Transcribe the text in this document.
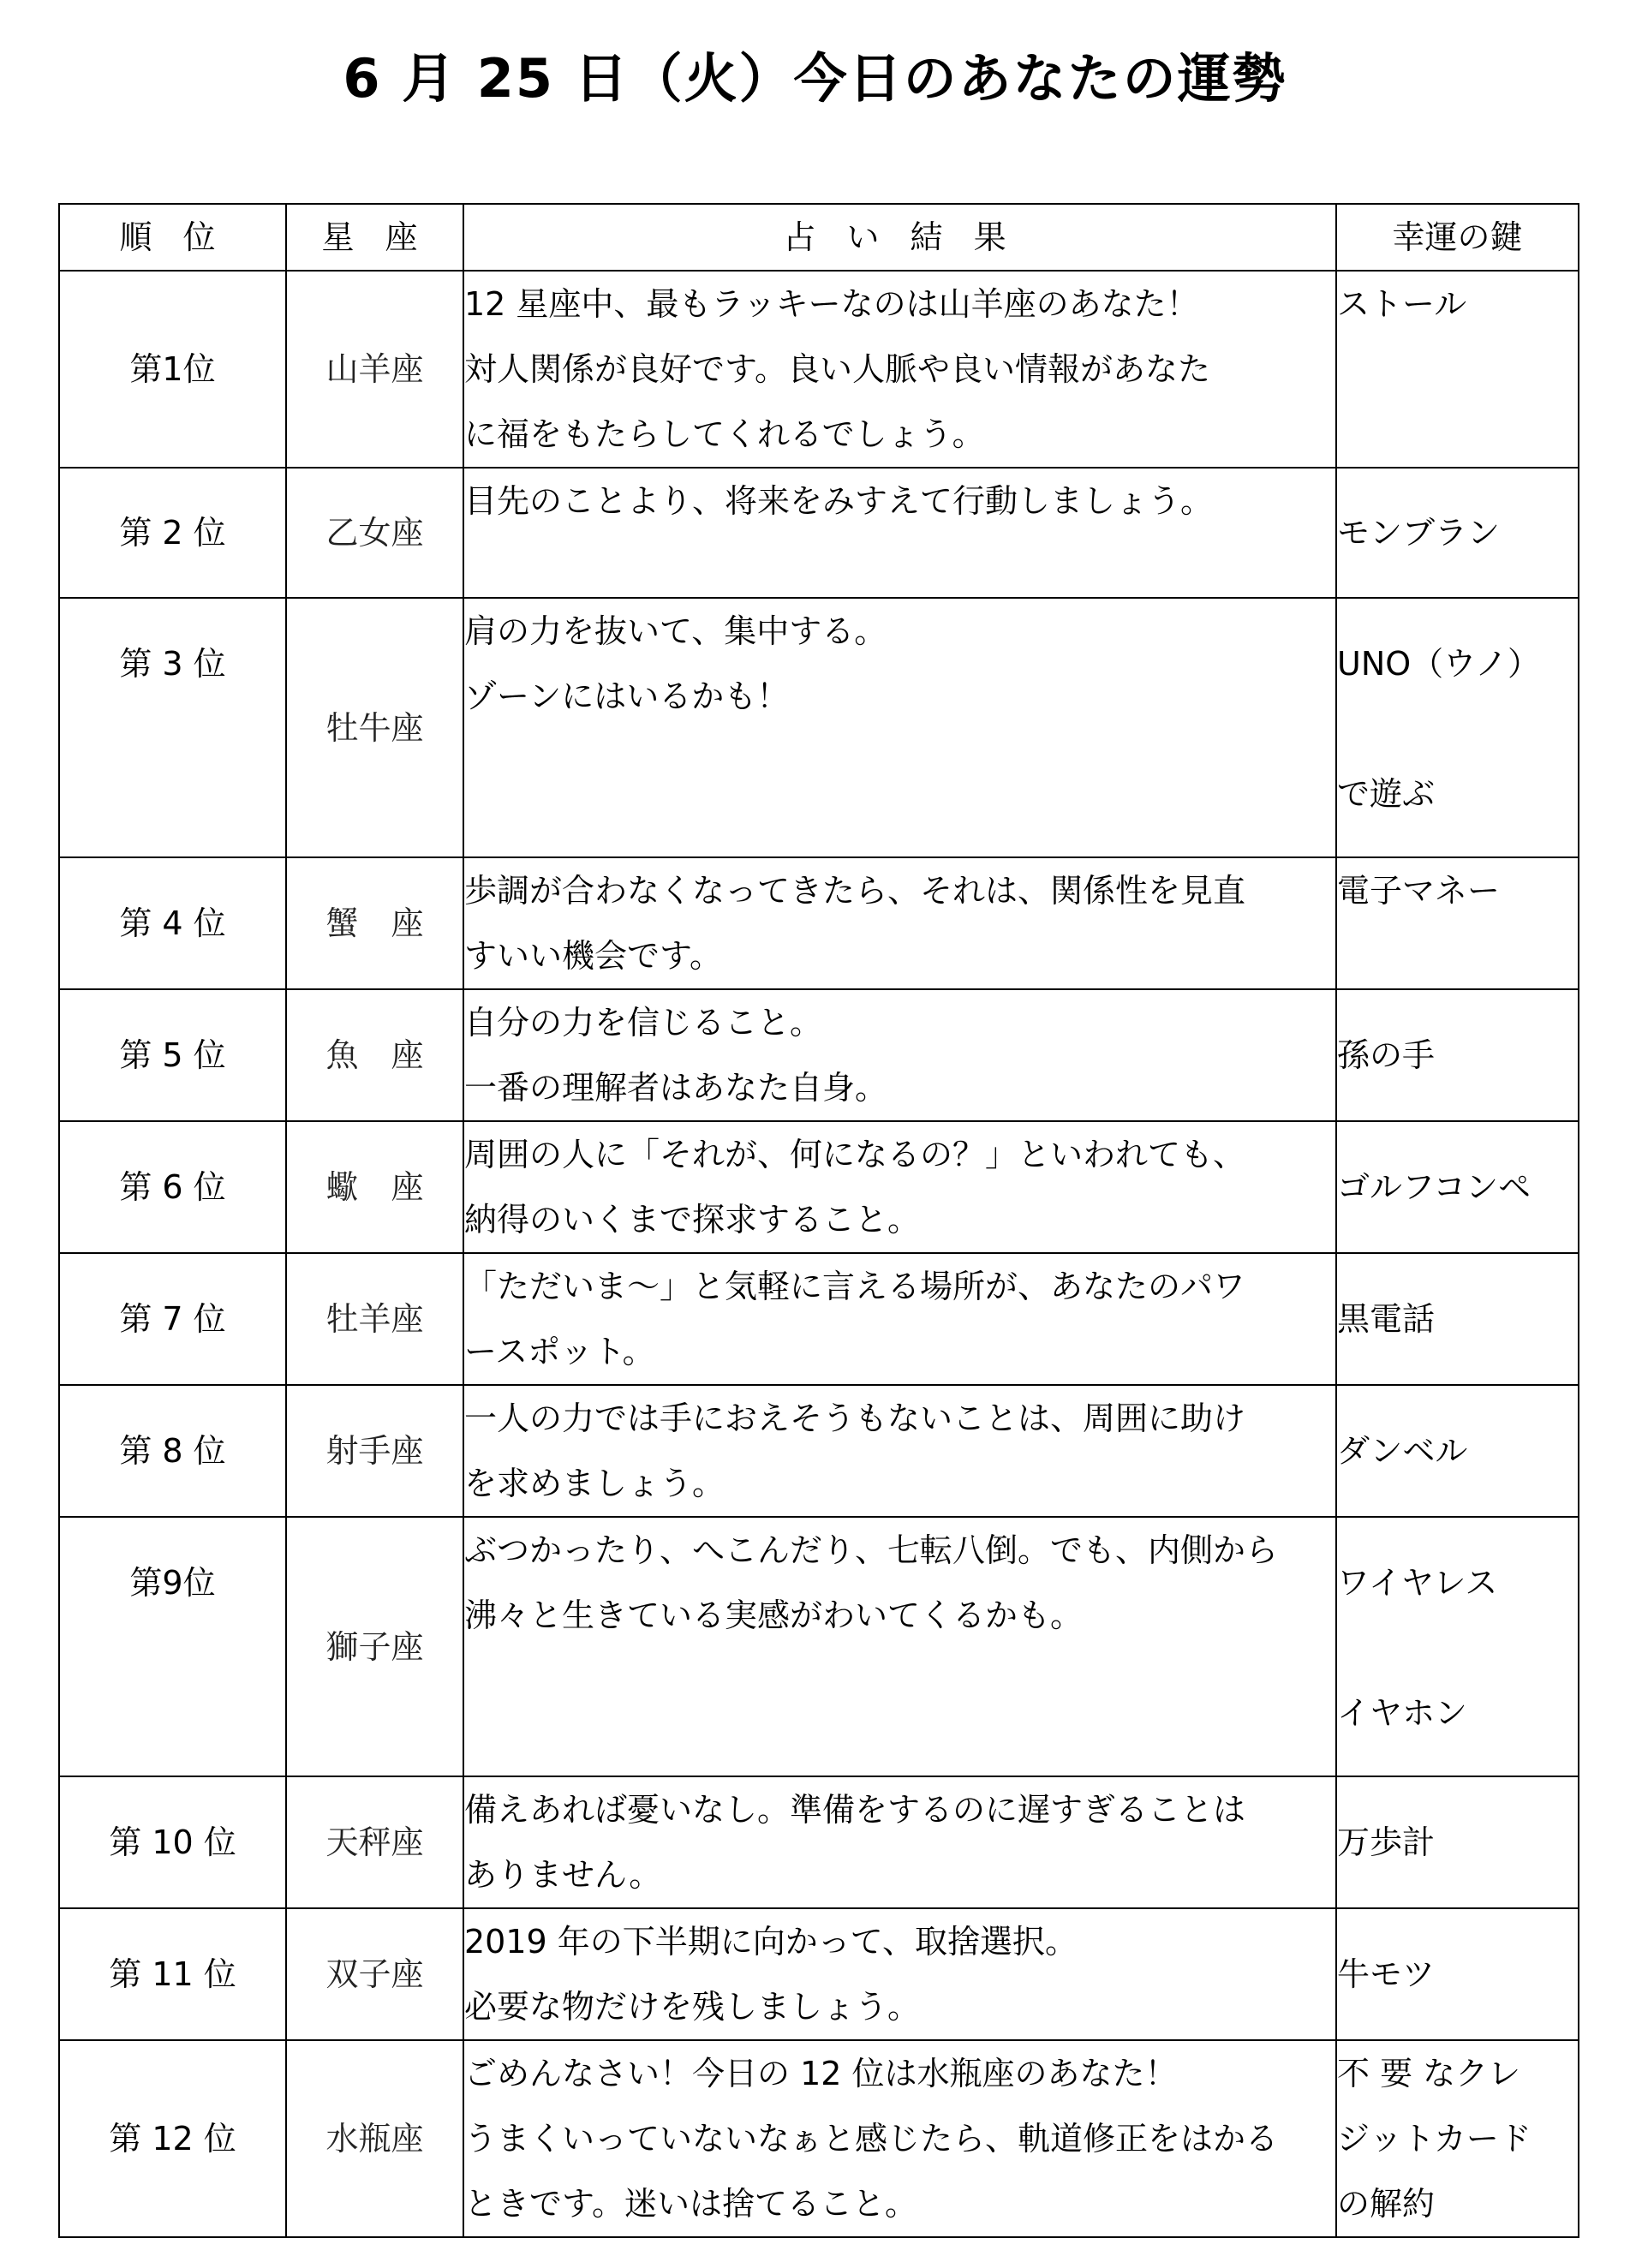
6 月 25 日（火）今日のあなたの運勢
順 位	星 座	占 い 結 果	幸運の鍵
第1位	山羊座	12 星座中、最もラッキーなのは山羊座のあなた！
対人関係が良好です。良い人脈や良い情報があなた
に福をもたらしてくれるでしょう。	ストール

第 2 位	乙女座	目先のことより、将来をみすえて行動しましょう。	モンブラン

第 3 位	牡牛座	肩の力を抜いて、集中する。
ゾーンにはいるかも！	UNO（ウノ）
で遊ぶ

第 4 位	蟹　座	歩調が合わなくなってきたら、それは、関係性を見直
すいい機会です。	電子マネー

第 5 位	魚　座	自分の力を信じること。
一番の理解者はあなた自身。	孫の手

第 6 位	蠍　座	周囲の人に「それが、何になるの？」といわれても、
納得のいくまで探求すること。	ゴルフコンペ

第 7 位	牡羊座	「ただいま～」と気軽に言える場所が、あなたのパワ
ースポット。	黒電話

第 8 位	射手座	一人の力では手におえそうもないことは、周囲に助け
を求めましょう。	ダンベル

第9位	獅子座	ぶつかったり、へこんだり、七転八倒。でも、内側から
沸々と生きている実感がわいてくるかも。	ワイヤレス
イヤホン

第 10 位	天秤座	備えあれば憂いなし。準備をするのに遅すぎることは
ありません。	万歩計

第 11 位	双子座	2019 年の下半期に向かって、取捨選択。
必要な物だけを残しましょう。	牛モツ

第 12 位	水瓶座	ごめんなさい！今日の 12 位は水瓶座のあなた！
うまくいっていないなぁと感じたら、軌道修正をはかる
ときです。迷いは捨てること。	不 要 なクレ
ジットカード
の解約
